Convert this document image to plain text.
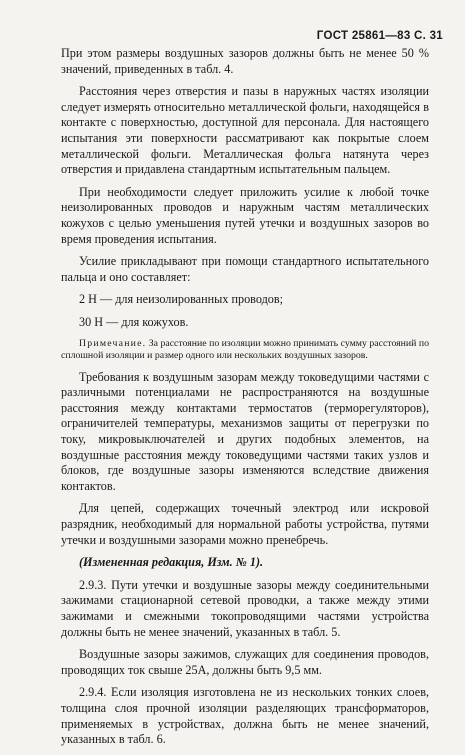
ГОСТ 25861—83 С. 31

При этом размеры воздушных зазоров должны быть не менее 50 % значений, приведенных в табл. 4.

Расстояния через отверстия и пазы в наружных частях изоляции следует измерять относительно металлической фольги, находящейся в контакте с поверхностью, доступной для персонала. Для настоящего испытания эти поверхности рассматривают как покрытые слоем металлической фольги. Металлическая фольга натянута через отверстия и придавлена стандартным испытательным пальцем.

При необходимости следует приложить усилие к любой точке неизолированных проводов и наружным частям металлических кожухов с целью уменьшения путей утечки и воздушных зазоров во время проведения испытания.

Усилие прикладывают при помощи стандартного испытательного пальца и оно составляет:

2 Н — для неизолированных проводов;

30 Н — для кожухов.

Примечание. За расстояние по изоляции можно принимать сумму расстояний по сплошной изоляции и размер одного или нескольких воздушных зазоров.

Требования к воздушным зазорам между токоведущими частями с различными потенциалами не распространяются на воздушные расстояния между контактами термостатов (терморегуляторов), ограничителей температуры, механизмов защиты от перегрузки по току, микровыключателей и других подобных элементов, на воздушные расстояния между токоведущими частями таких узлов и блоков, где воздушные зазоры изменяются вследствие движения контактов.

Для цепей, содержащих точечный электрод или искровой разрядник, необходимый для нормальной работы устройства, путями утечки и воздушными зазорами можно пренебречь.

(Измененная редакция, Изм. № 1).

2.9.3. Пути утечки и воздушные зазоры между соединительными зажимами стационарной сетевой проводки, а также между этими зажимами и смежными токопроводящими частями устройства должны быть не менее значений, указанных в табл. 5.

Воздушные зазоры зажимов, служащих для соединения проводов, проводящих ток свыше 25А, должны быть 9,5 мм.

2.9.4. Если изоляция изготовлена не из нескольких тонких слоев, толщина слоя прочной изоляции разделяющих трансформаторов, применяемых в устройствах, должна быть не менее значений, указанных в табл. 6.
